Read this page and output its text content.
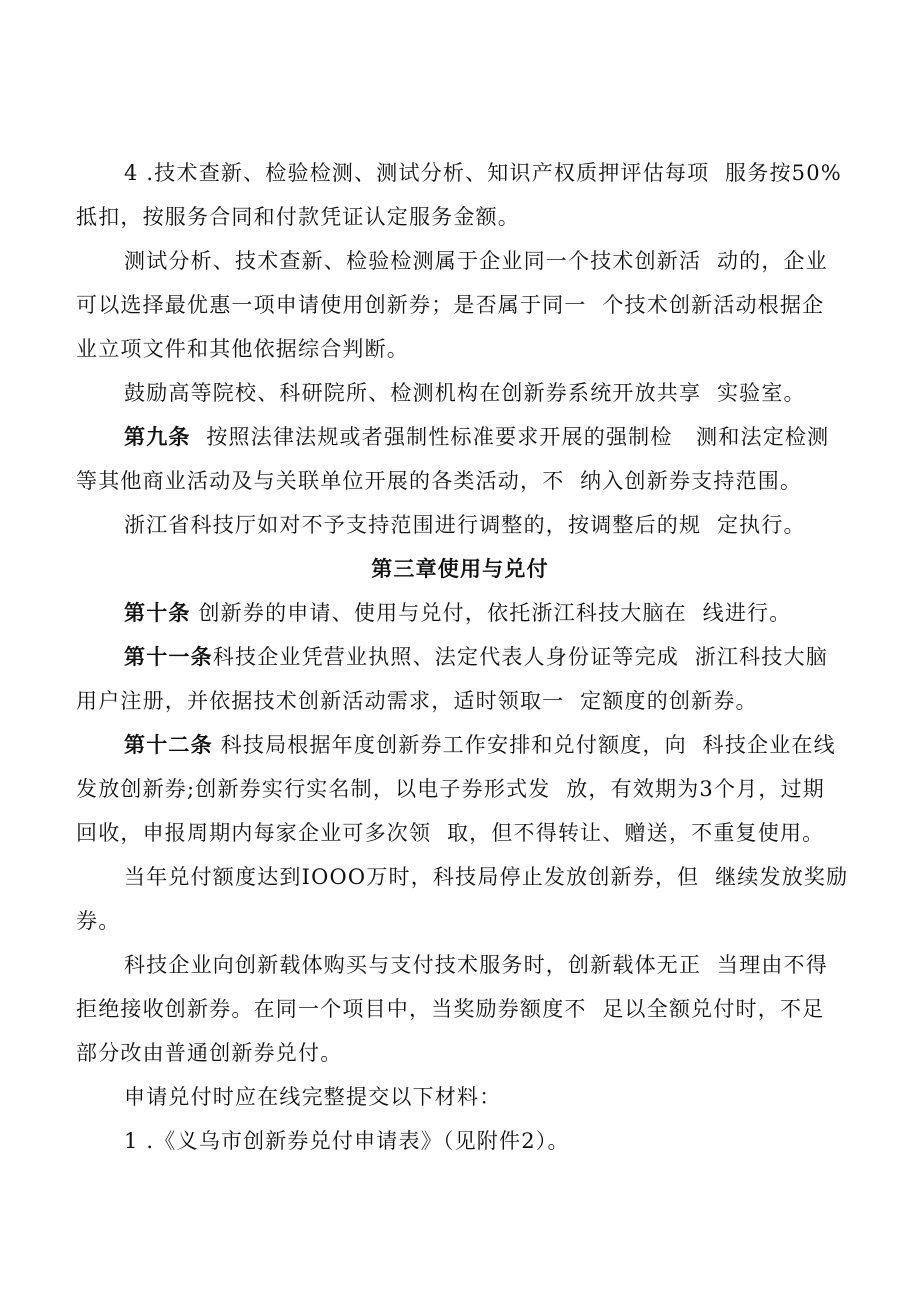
4 .技术查新、检验检测、测试分析、知识产权质押评估每项  服务按50%
抵扣，按服务合同和付款凭证认定服务金额。
测试分析、技术查新、检验检测属于企业同一个技术创新活  动的，企业
可以选择最优惠一项申请使用创新券；是否属于同一  个技术创新活动根据企
业立项文件和其他依据综合判断。
鼓励高等院校、科研院所、检测机构在创新券系统开放共享  实验室。
第九条  按照法律法规或者强制性标准要求开展的强制检   测和法定检测
等其他商业活动及与关联单位开展的各类活动，不  纳入创新券支持范围。
浙江省科技厅如对不予支持范围进行调整的，按调整后的规  定执行。
第三章使用与兑付
第十条 创新券的申请、使用与兑付，依托浙江科技大脑在  线进行。
第十一条科技企业凭营业执照、法定代表人身份证等完成  浙江科技大脑
用户注册，并依据技术创新活动需求，适时领取一  定额度的创新券。
第十二条 科技局根据年度创新券工作安排和兑付额度，向  科技企业在线
发放创新券;创新券实行实名制，以电子券形式发  放，有效期为3个月，过期
回收，申报周期内每家企业可多次领  取，但不得转让、赠送，不重复使用。
当年兑付额度达到IOOO万时，科技局停止发放创新券，但  继续发放奖励
券。
科技企业向创新载体购买与支付技术服务时，创新载体无正  当理由不得
拒绝接收创新券。在同一个项目中，当奖励券额度不  足以全额兑付时，不足
部分改由普通创新券兑付。
申请兑付时应在线完整提交以下材料：
1 .《义乌市创新券兑付申请表》（见附件2）。
